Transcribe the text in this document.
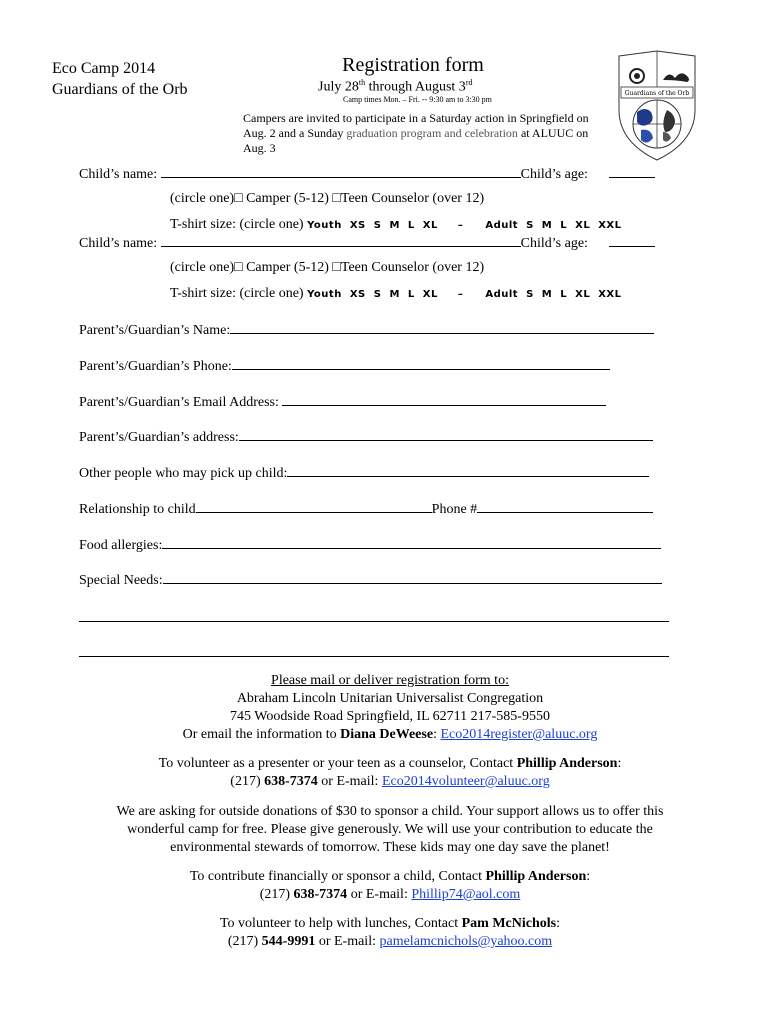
Eco Camp 2014
Guardians of the Orb
Registration form
July 28th through August 3rd
Camp times Mon. – Fri. -- 9:30 am to 3:30 pm
Campers are invited to participate in a Saturday action in Springfield on Aug. 2 and a Sunday graduation program and celebration at ALUUC on Aug. 3
Guardians of the Orb
Child’s name:	Child’s age:
(circle one)□ Camper (5-12) □Teen Counselor (over 12)
T-shirt size: (circle one) Youth XS S M L XL – Adult S M L XL XXL
Child’s name:	Child’s age:
(circle one)□ Camper (5-12) □Teen Counselor (over 12)
T-shirt size: (circle one) Youth XS S M L XL – Adult S M L XL XXL
Parent’s/Guardian’s Name:
Parent’s/Guardian’s Phone:
Parent’s/Guardian’s Email Address:
Parent’s/Guardian’s address:
Other people who may pick up child:
Relationship to child	Phone #
Food allergies:
Special Needs:
Please mail or deliver registration form to:
Abraham Lincoln Unitarian Universalist Congregation
745 Woodside Road Springfield, IL 62711 217-585-9550
Or email the information to Diana DeWeese: Eco2014register@aluuc.org
To volunteer as a presenter or your teen as a counselor, Contact Phillip Anderson:
(217) 638-7374 or E-mail: Eco2014volunteer@aluuc.org
We are asking for outside donations of $30 to sponsor a child. Your support allows us to offer this wonderful camp for free. Please give generously. We will use your contribution to educate the environmental stewards of tomorrow. These kids may one day save the planet!
To contribute financially or sponsor a child, Contact Phillip Anderson:
(217) 638-7374 or E-mail: Phillip74@aol.com
To volunteer to help with lunches, Contact Pam McNichols:
(217) 544-9991 or E-mail: pamelamcnichols@yahoo.com
